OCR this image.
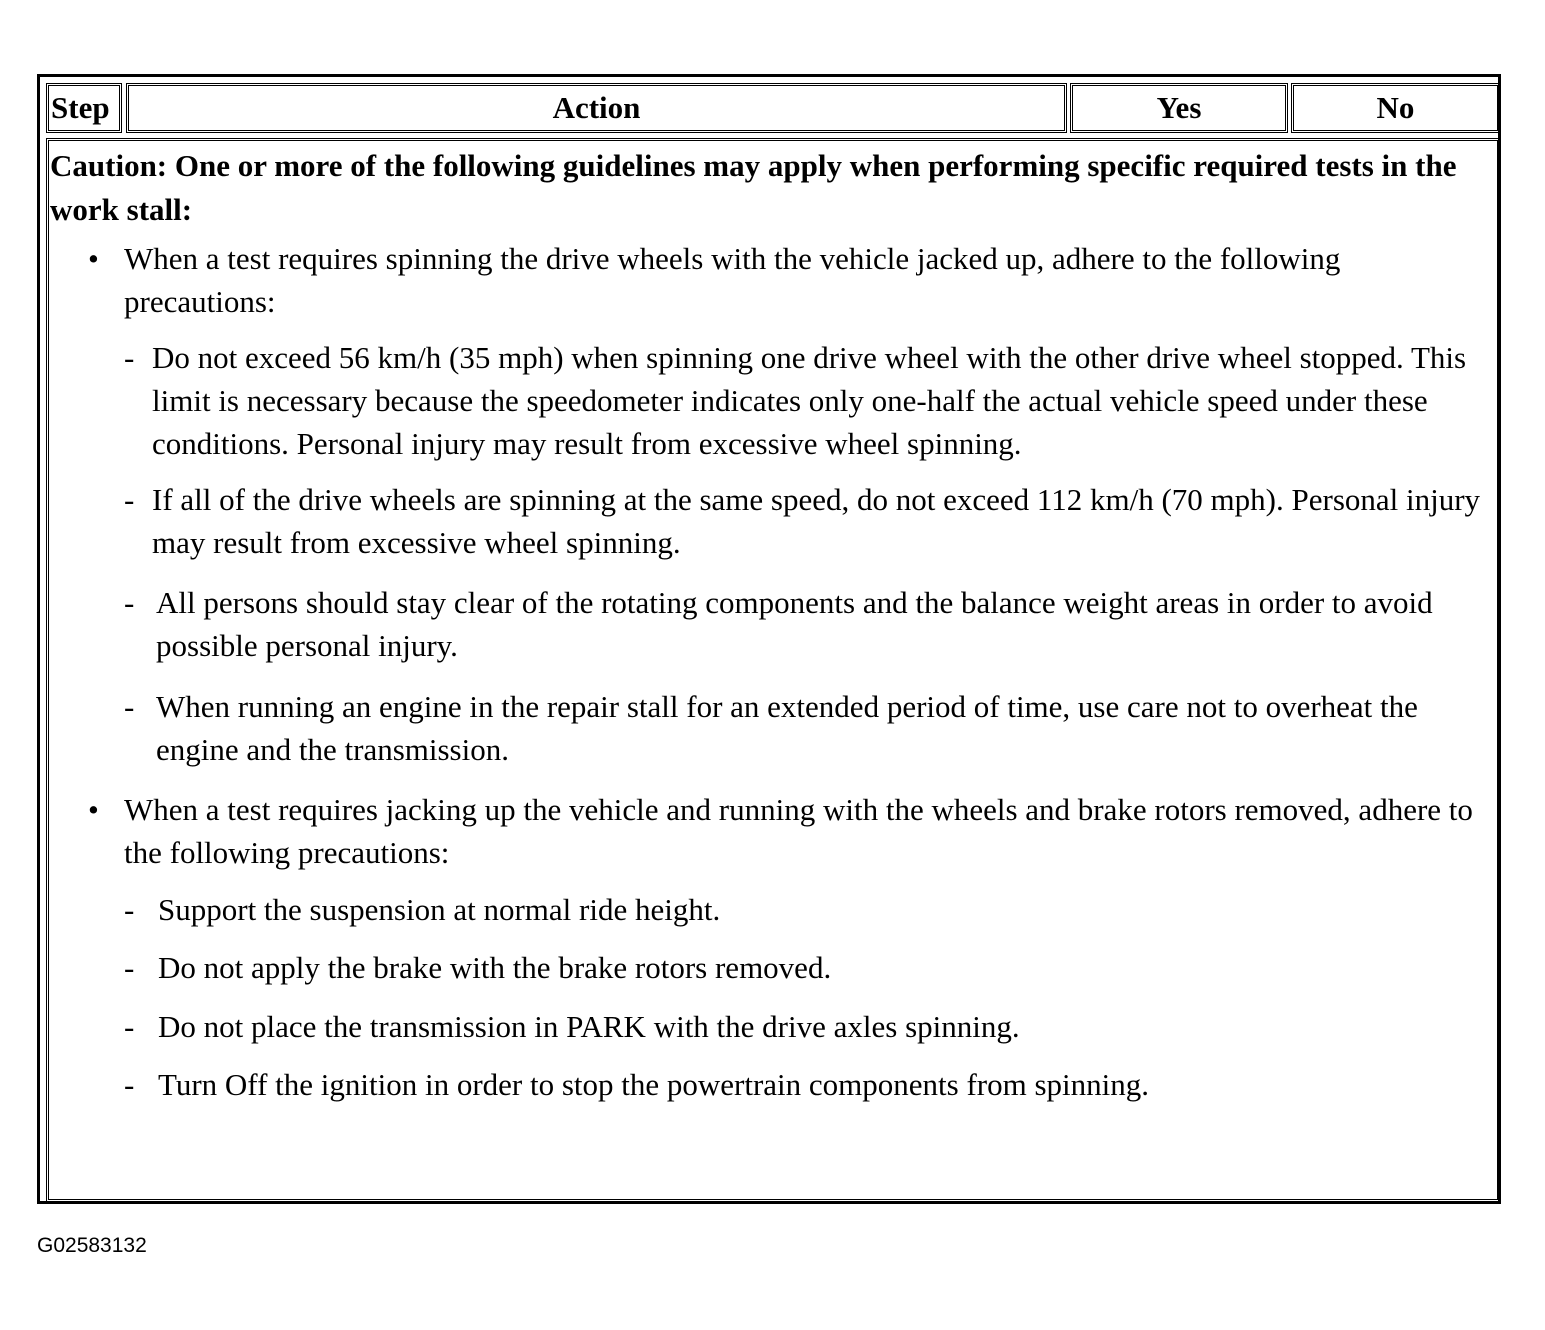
Step	Action	Yes	No
Caution: One or more of the following guidelines may apply when performing specific required tests in the work stall:
• When a test requires spinning the drive wheels with the vehicle jacked up, adhere to the following precautions:
- Do not exceed 56 km/h (35 mph) when spinning one drive wheel with the other drive wheel stopped. This limit is necessary because the speedometer indicates only one-half the actual vehicle speed under these conditions. Personal injury may result from excessive wheel spinning.
- If all of the drive wheels are spinning at the same speed, do not exceed 112 km/h (70 mph). Personal injury may result from excessive wheel spinning.
- All persons should stay clear of the rotating components and the balance weight areas in order to avoid possible personal injury.
- When running an engine in the repair stall for an extended period of time, use care not to overheat the engine and the transmission.
• When a test requires jacking up the vehicle and running with the wheels and brake rotors removed, adhere to the following precautions:
- Support the suspension at normal ride height.
- Do not apply the brake with the brake rotors removed.
- Do not place the transmission in PARK with the drive axles spinning.
- Turn Off the ignition in order to stop the powertrain components from spinning.
G02583132
